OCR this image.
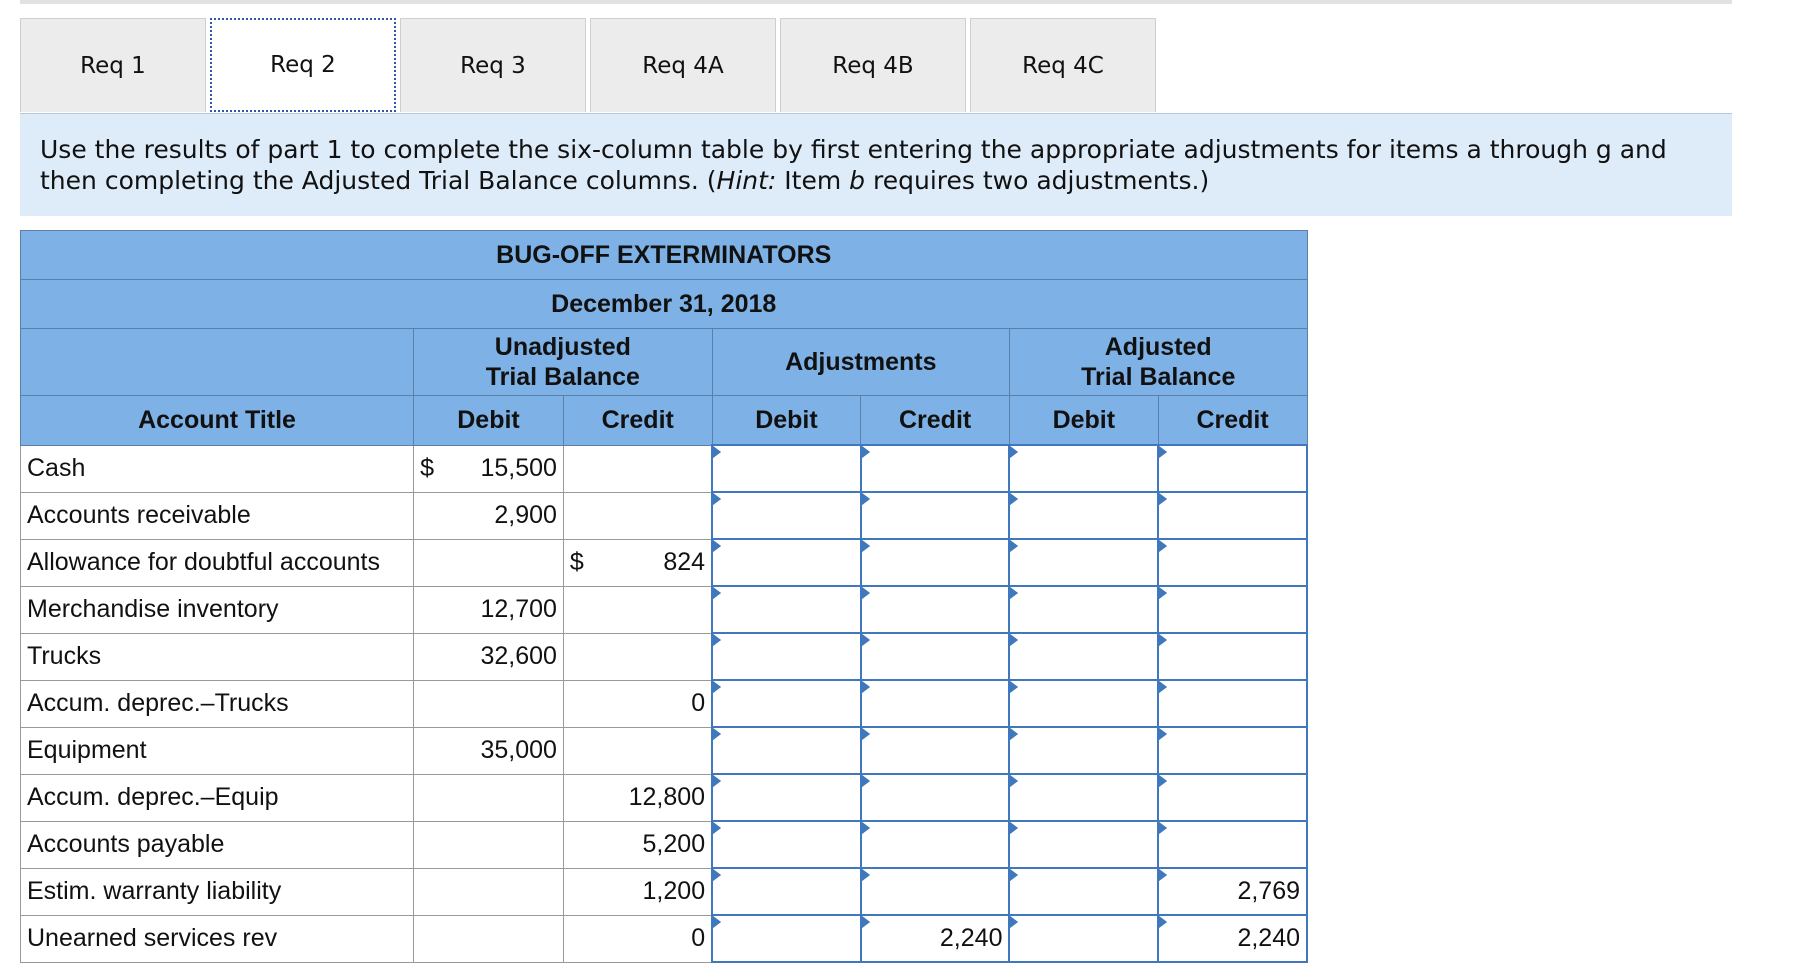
Req 1	Req 2	Req 3	Req 4A	Req 4B	Req 4C
Use the results of part 1 to complete the six-column table by first entering the appropriate adjustments for items a through g and then completing the Adjusted Trial Balance columns. (Hint: Item b requires two adjustments.)
BUG-OFF EXTERMINATORS						
December 31, 2018						
	Unadjusted
Trial Balance		Adjustments		Adjusted
Trial Balance	
Account Title	Debit	Credit	Debit	Credit	Debit	Credit
Cash	$ 15,500					

Accounts receivable	2,900					
Allowance for doubtful accounts		$ 824				

Merchandise inventory	12,700					
Trucks	32,600					
Accum. deprec.–Trucks		0				
Equipment	35,000					
Accum. deprec.–Equip		12,800				
Accounts payable		5,200				
Estim. warranty liability		1,200				2,769
Unearned services rev		0		2,240		2,240
